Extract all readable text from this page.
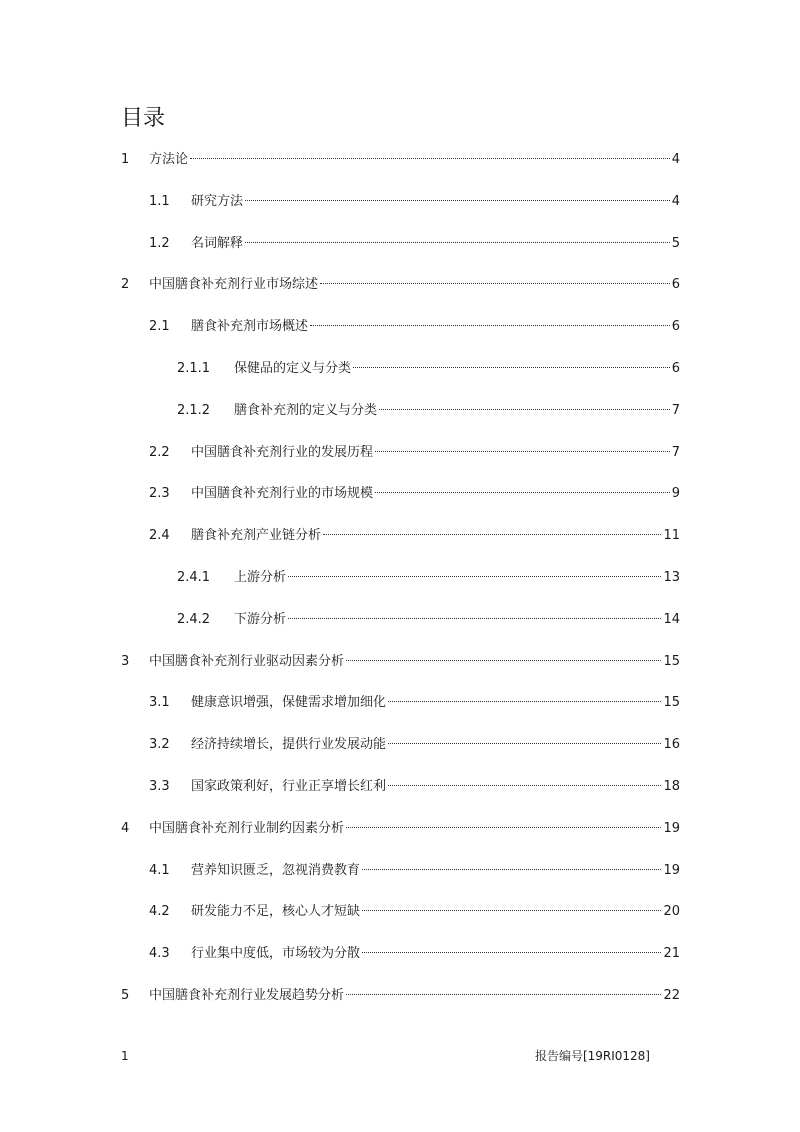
目录
1 方法论	4
1.1 研究方法	4
1.2 名词解释	5
2 中国膳食补充剂行业市场综述	6
2.1 膳食补充剂市场概述	6
2.1.1 保健品的定义与分类	6
2.1.2 膳食补充剂的定义与分类	7
2.2 中国膳食补充剂行业的发展历程	7
2.3 中国膳食补充剂行业的市场规模	9
2.4 膳食补充剂产业链分析	11
2.4.1 上游分析	13
2.4.2 下游分析	14
3 中国膳食补充剂行业驱动因素分析	15
3.1 健康意识增强，保健需求增加细化	15
3.2 经济持续增长，提供行业发展动能	16
3.3 国家政策利好，行业正享增长红利	18
4 中国膳食补充剂行业制约因素分析	19
4.1 营养知识匮乏，忽视消费教育	19
4.2 研发能力不足，核心人才短缺	20
4.3 行业集中度低，市场较为分散	21
5 中国膳食补充剂行业发展趋势分析	22
1	报告编号[19RI0128]
